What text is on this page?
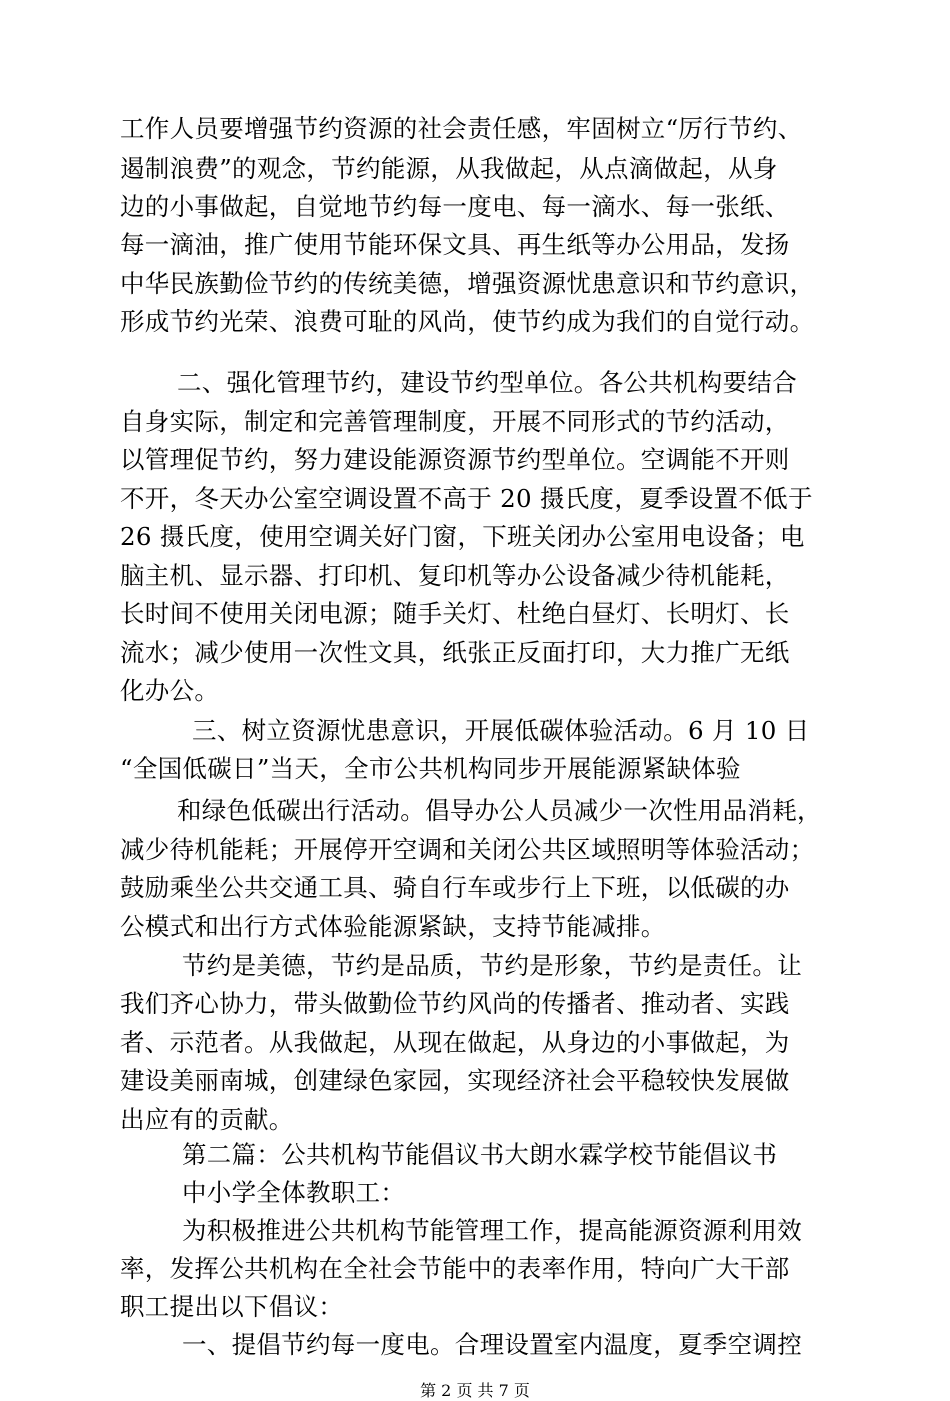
工作人员要增强节约资源的社会责任感，牢固树立“厉行节约、

遏制浪费”的观念，节约能源，从我做起，从点滴做起，从身

边的小事做起，自觉地节约每一度电、每一滴水、每一张纸、

每一滴油，推广使用节能环保文具、再生纸等办公用品，发扬

中华民族勤俭节约的传统美德，增强资源忧患意识和节约意识，

形成节约光荣、浪费可耻的风尚，使节约成为我们的自觉行动。

二、强化管理节约，建设节约型单位。各公共机构要结合

自身实际，制定和完善管理制度，开展不同形式的节约活动，

以管理促节约，努力建设能源资源节约型单位。空调能不开则

不开，冬天办公室空调设置不高于 20 摄氏度，夏季设置不低于

26 摄氏度，使用空调关好门窗，下班关闭办公室用电设备；电

脑主机、显示器、打印机、复印机等办公设备减少待机能耗，

长时间不使用关闭电源；随手关灯、杜绝白昼灯、长明灯、长

流水；减少使用一次性文具，纸张正反面打印，大力推广无纸

化办公。

三、树立资源忧患意识，开展低碳体验活动。6 月 10 日

“全国低碳日”当天，全市公共机构同步开展能源紧缺体验

和绿色低碳出行活动。倡导办公人员减少一次性用品消耗，

减少待机能耗；开展停开空调和关闭公共区域照明等体验活动；

鼓励乘坐公共交通工具、骑自行车或步行上下班，以低碳的办

公模式和出行方式体验能源紧缺，支持节能减排。

节约是美德，节约是品质，节约是形象，节约是责任。让

我们齐心协力，带头做勤俭节约风尚的传播者、推动者、实践

者、示范者。从我做起，从现在做起，从身边的小事做起，为

建设美丽南城，创建绿色家园，实现经济社会平稳较快发展做

出应有的贡献。

第 2 页 共 7 页

第二篇：公共机构节能倡议书大朗水霖学校节能倡议书

中小学全体教职工：

为积极推进公共机构节能管理工作，提高能源资源利用效

率，发挥公共机构在全社会节能中的表率作用，特向广大干部

职工提出以下倡议：

一、提倡节约每一度电。合理设置室内温度，夏季空调控
